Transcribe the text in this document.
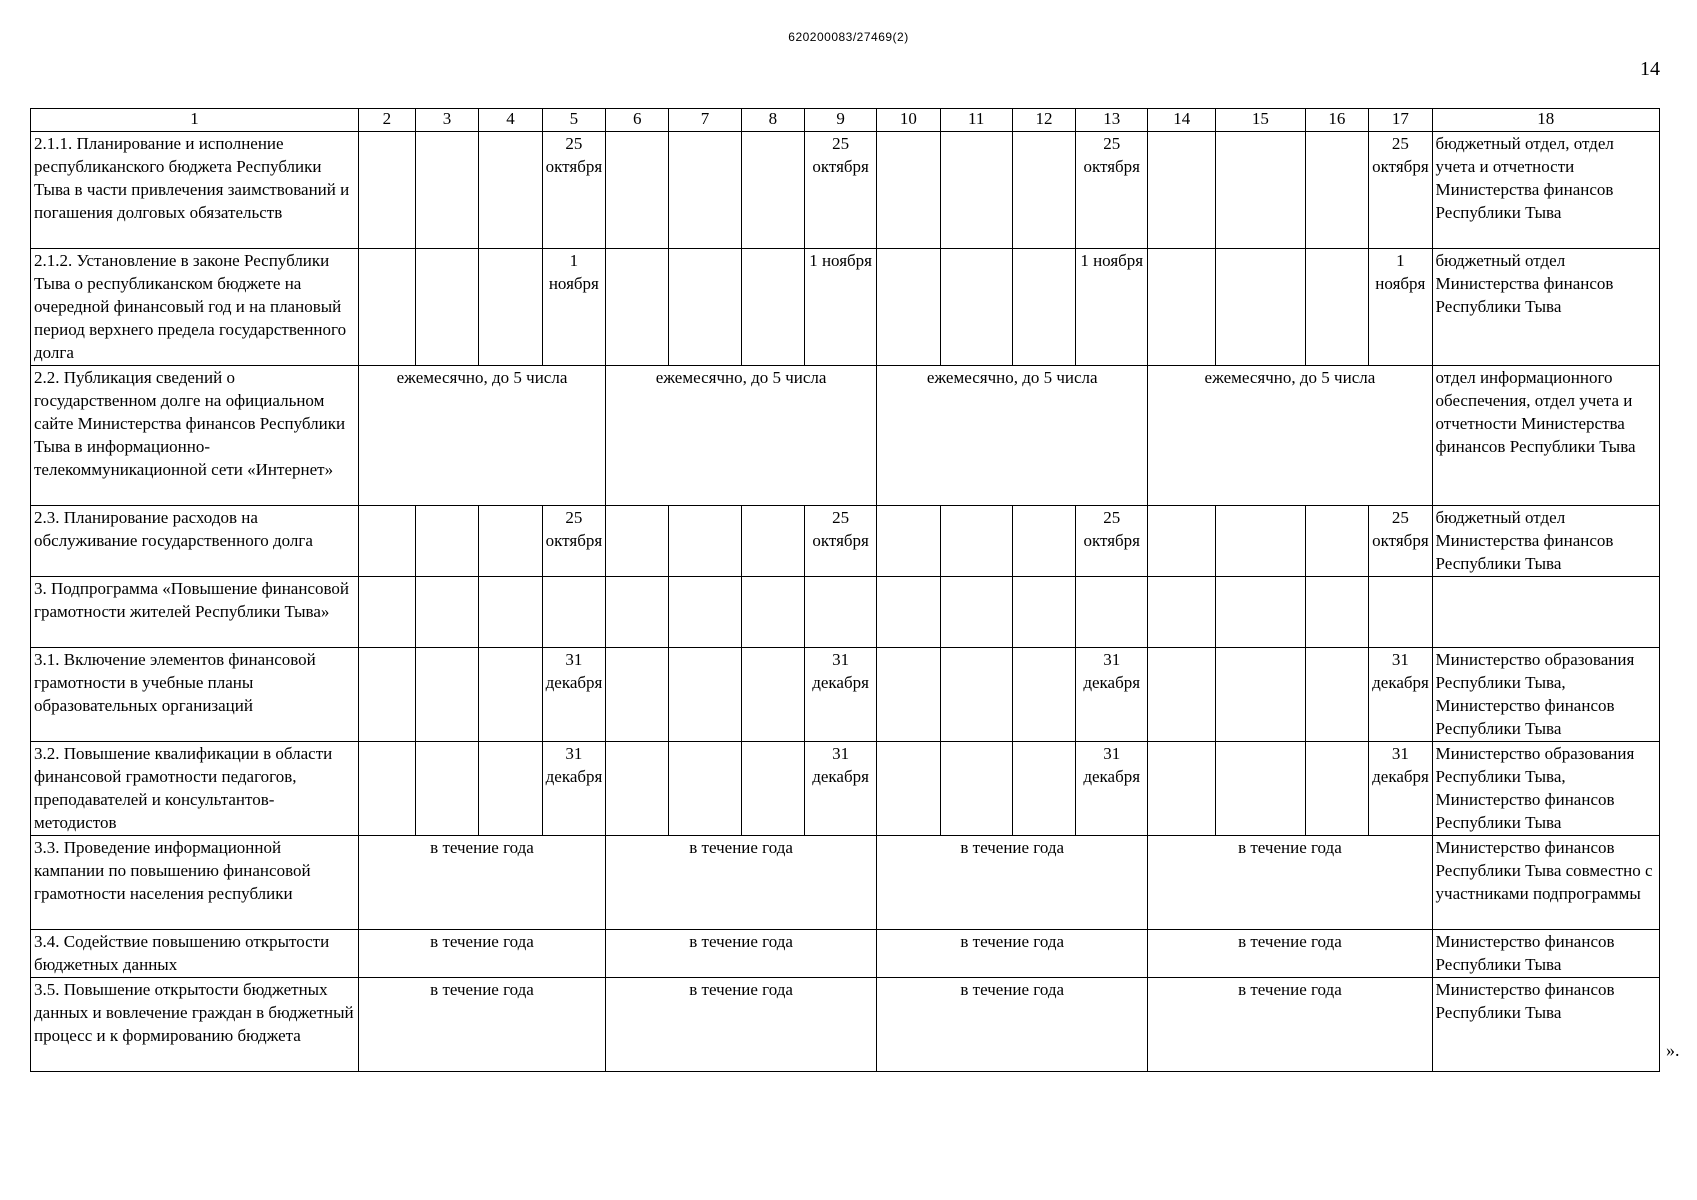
620200083/27469(2)
14
1	2	3	4	5	6	7	8	9	10	11	12	13	14	15	16	17	18
2.1.1. Планирование и исполнение республиканского бюджета Республики Тыва в части привлечения заимствований и погашения долговых обязательств				25 октября				25 октября				25 октября				25 октября	бюджетный отдел, отдел учета и отчетности Министерства финансов Республики Тыва
2.1.2. Установление в законе Республики Тыва о республиканском бюджете на очередной финансовый год и на плановый период верхнего предела государственного долга				1 ноября				1 ноября				1 ноября				1 ноября	бюджетный отдел Министерства финансов Республики Тыва
2.2. Публикация сведений о государственном долге на официальном сайте Министерства финансов Республики Тыва в информационно-телекоммуникационной сети «Интернет»	ежемесячно, до 5 числа				ежемесячно, до 5 числа				ежемесячно, до 5 числа				ежемесячно, до 5 числа				отдел информационного обеспечения, отдел учета и отчетности Министерства финансов Республики Тыва
2.3. Планирование расходов на обслуживание государственного долга				25 октября				25 октября				25 октября				25 октября	бюджетный отдел Министерства финансов Республики Тыва
3. Подпрограмма «Повышение финансовой грамотности жителей Республики Тыва»																	
3.1. Включение элементов финансовой грамотности в учебные планы образовательных организаций				31 декабря				31 декабря				31 декабря				31 декабря	Министерство образования Республики Тыва, Министерство финансов Республики Тыва
3.2. Повышение квалификации в области финансовой грамотности педагогов, преподавателей и консультантов-методистов				31 декабря				31 декабря				31 декабря				31 декабря	Министерство образования Республики Тыва, Министерство финансов Республики Тыва
3.3. Проведение информационной кампании по повышению финансовой грамотности населения республики	в течение года				в течение года				в течение года				в течение года				Министерство финансов Республики Тыва совместно с участниками подпрограммы
3.4. Содействие повышению открытости бюджетных данных	в течение года				в течение года				в течение года				в течение года				Министерство финансов Республики Тыва
3.5. Повышение открытости бюджетных данных и вовлечение граждан в бюджетный процесс и к формированию бюджета	в течение года				в течение года				в течение года				в течение года				Министерство финансов Республики Тыва
».
